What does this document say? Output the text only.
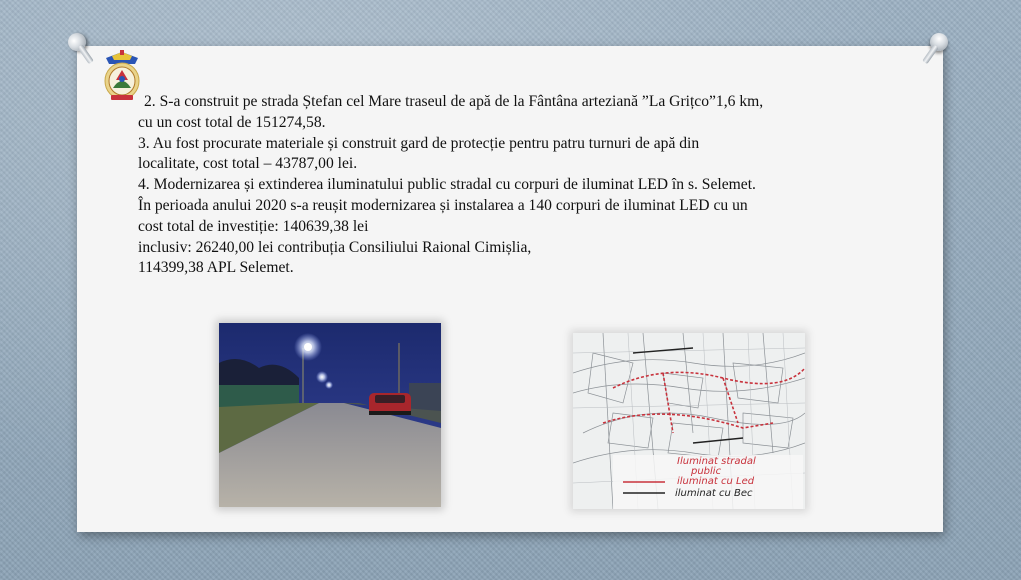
2. S-a construit pe strada Ștefan cel Mare traseul de apă de la Fântâna arteziană ”La Grițco”1,6 km,

cu un cost total de 151274,58.

3. Au fost procurate materiale și construit gard de protecție pentru patru turnuri de apă din

localitate, cost total – 43787,00 lei.

4. Modernizarea și extinderea iluminatului public stradal cu corpuri de iluminat LED în s. Selemet.

În perioada anului 2020 s-a reușit modernizarea și instalarea a 140 corpuri de iluminat LED cu un

cost total de investiție: 140639,38 lei

inclusiv: 26240,00 lei contribuția Consiliului Raional Cimișlia,

114399,38 APL Selemet.

Iluminat stradal
public
iluminat cu Led
iluminat cu Bec
